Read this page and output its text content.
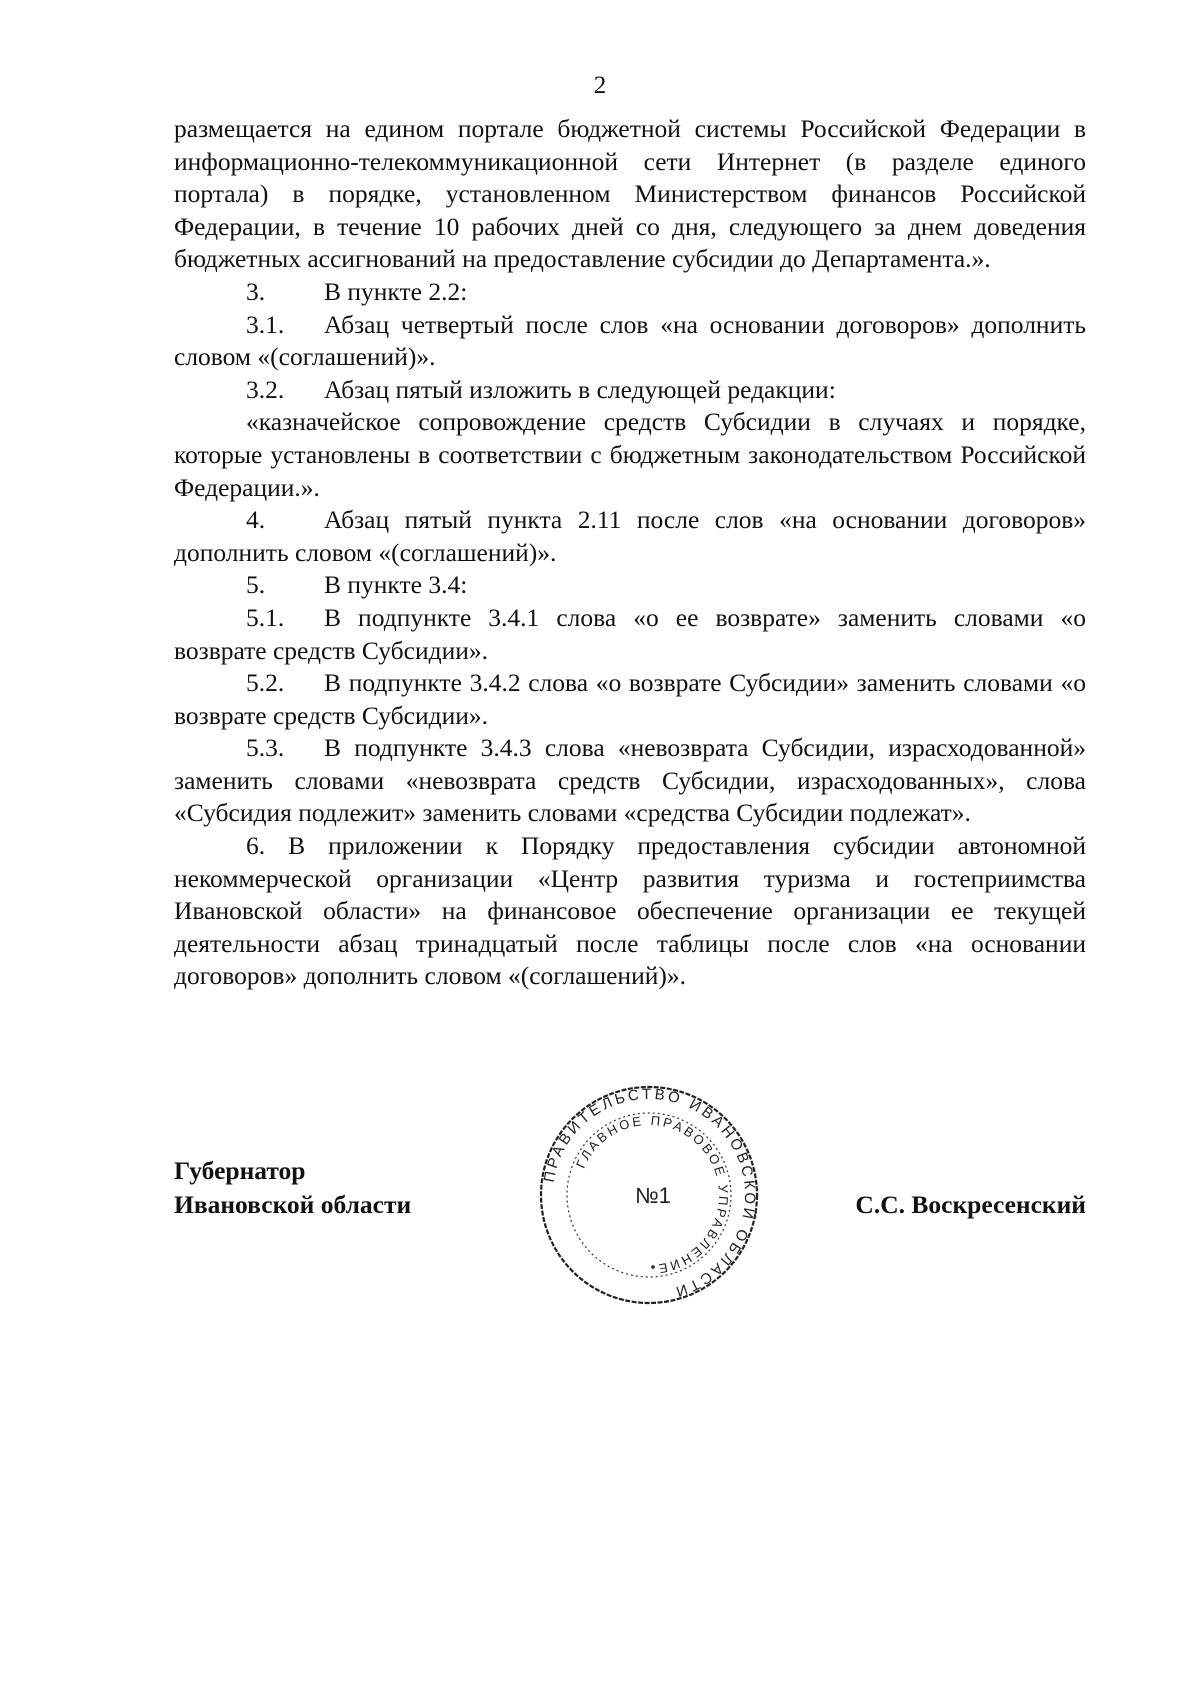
2

размещается на едином портале бюджетной системы Российской Федерации в информационно-телекоммуникационной сети Интернет (в разделе единого портала) в порядке, установленном Министерством финансов Российской Федерации, в течение 10 рабочих дней со дня, следующего за днем доведения бюджетных ассигнований на предоставление субсидии до Департамента.».

3. В пункте 2.2:

3.1. Абзац четвертый после слов «на основании договоров» дополнить словом «(соглашений)».

3.2. Абзац пятый изложить в следующей редакции:

«казначейское сопровождение средств Субсидии в случаях и порядке, которые установлены в соответствии с бюджетным законодательством Российской Федерации.».

4. Абзац пятый пункта 2.11 после слов «на основании договоров» дополнить словом «(соглашений)».

5. В пункте 3.4:

5.1. В подпункте 3.4.1 слова «о ее возврате» заменить словами «о возврате средств Субсидии».

5.2. В подпункте 3.4.2 слова «о возврате Субсидии» заменить словами «о возврате средств Субсидии».

5.3. В подпункте 3.4.3 слова «невозврата Субсидии, израсходованной» заменить словами «невозврата средств Субсидии, израсходованных», слова «Субсидия подлежит» заменить словами «средства Субсидии подлежат».

6. В приложении к Порядку предоставления субсидии автономной некоммерческой организации «Центр развития туризма и гостеприимства Ивановской области» на финансовое обеспечение организации ее текущей деятельности абзац тринадцатый после таблицы после слов «на основании договоров» дополнить словом «(соглашений)».

Губернатор
Ивановской области
ПРАВИТЕЛЬСТВО ИВАНОВСКОЙ ОБЛАСТИ
ГЛАВНОЕ ПРАВОВОЕ УПРАВЛЕНИЕ
№1	С.С. Воскресенский
